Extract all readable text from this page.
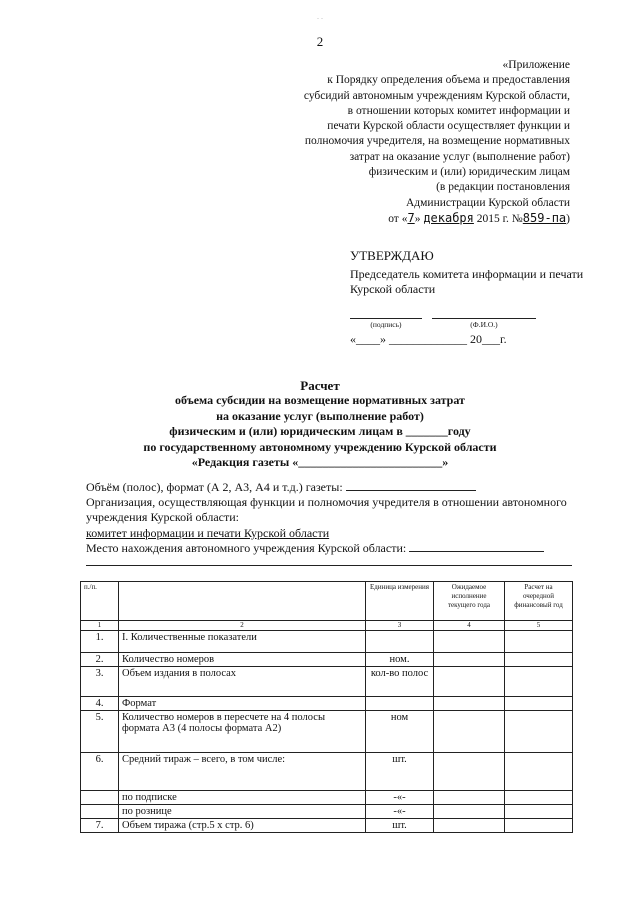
. .
2
«Приложение
к Порядку определения объема и предоставления
субсидий автономным учреждениям Курской области,
в отношении которых комитет информации и
печати Курской области осуществляет функции и
полномочия учредителя, на возмещение нормативных
затрат на оказание услуг (выполнение работ)
физическим и (или) юридическим лицам
(в редакции постановления
Администрации Курской области
от «7» декабря 2015 г. №859-па)
УТВЕРЖДАЮ
Председатель комитета информации и печати Курской области
(подпись)	(Ф.И.О.)
«____» _____________ 20___г.
Расчет
объема субсидии на возмещение нормативных затрат
на оказание услуг (выполнение работ)
физическим и (или) юридическим лицам в _______году
по государственному автономному учреждению Курской области
«Редакция газеты «________________________»
Объём (полос), формат (А 2, А3, А4 и т.д.) газеты:
Организация, осуществляющая функции и полномочия учредителя в отношении автономного учреждения Курской области:
комитет информации и печати Курской области
Место нахождения автономного учреждения Курской области:
п./п.		Единица измерения	Ожидаемое исполнение текущего года	Расчет на очередной финансовый год
1	2	3	4	5
1.	I. Количественные показатели			
2.	Количество номеров	ном.		
3.	Объем издания в полосах	кол-во полос		
4.	Формат			
5.	Количество номеров в пересчете на 4 полосы формата А3 (4 полосы формата А2)	ном		
6.	Средний тираж – всего, в том числе:	шт.		
	по подписке	-«-		
	по рознице	-«-		
7.	Объем тиража (стр.5 х стр. 6)	шт.		
